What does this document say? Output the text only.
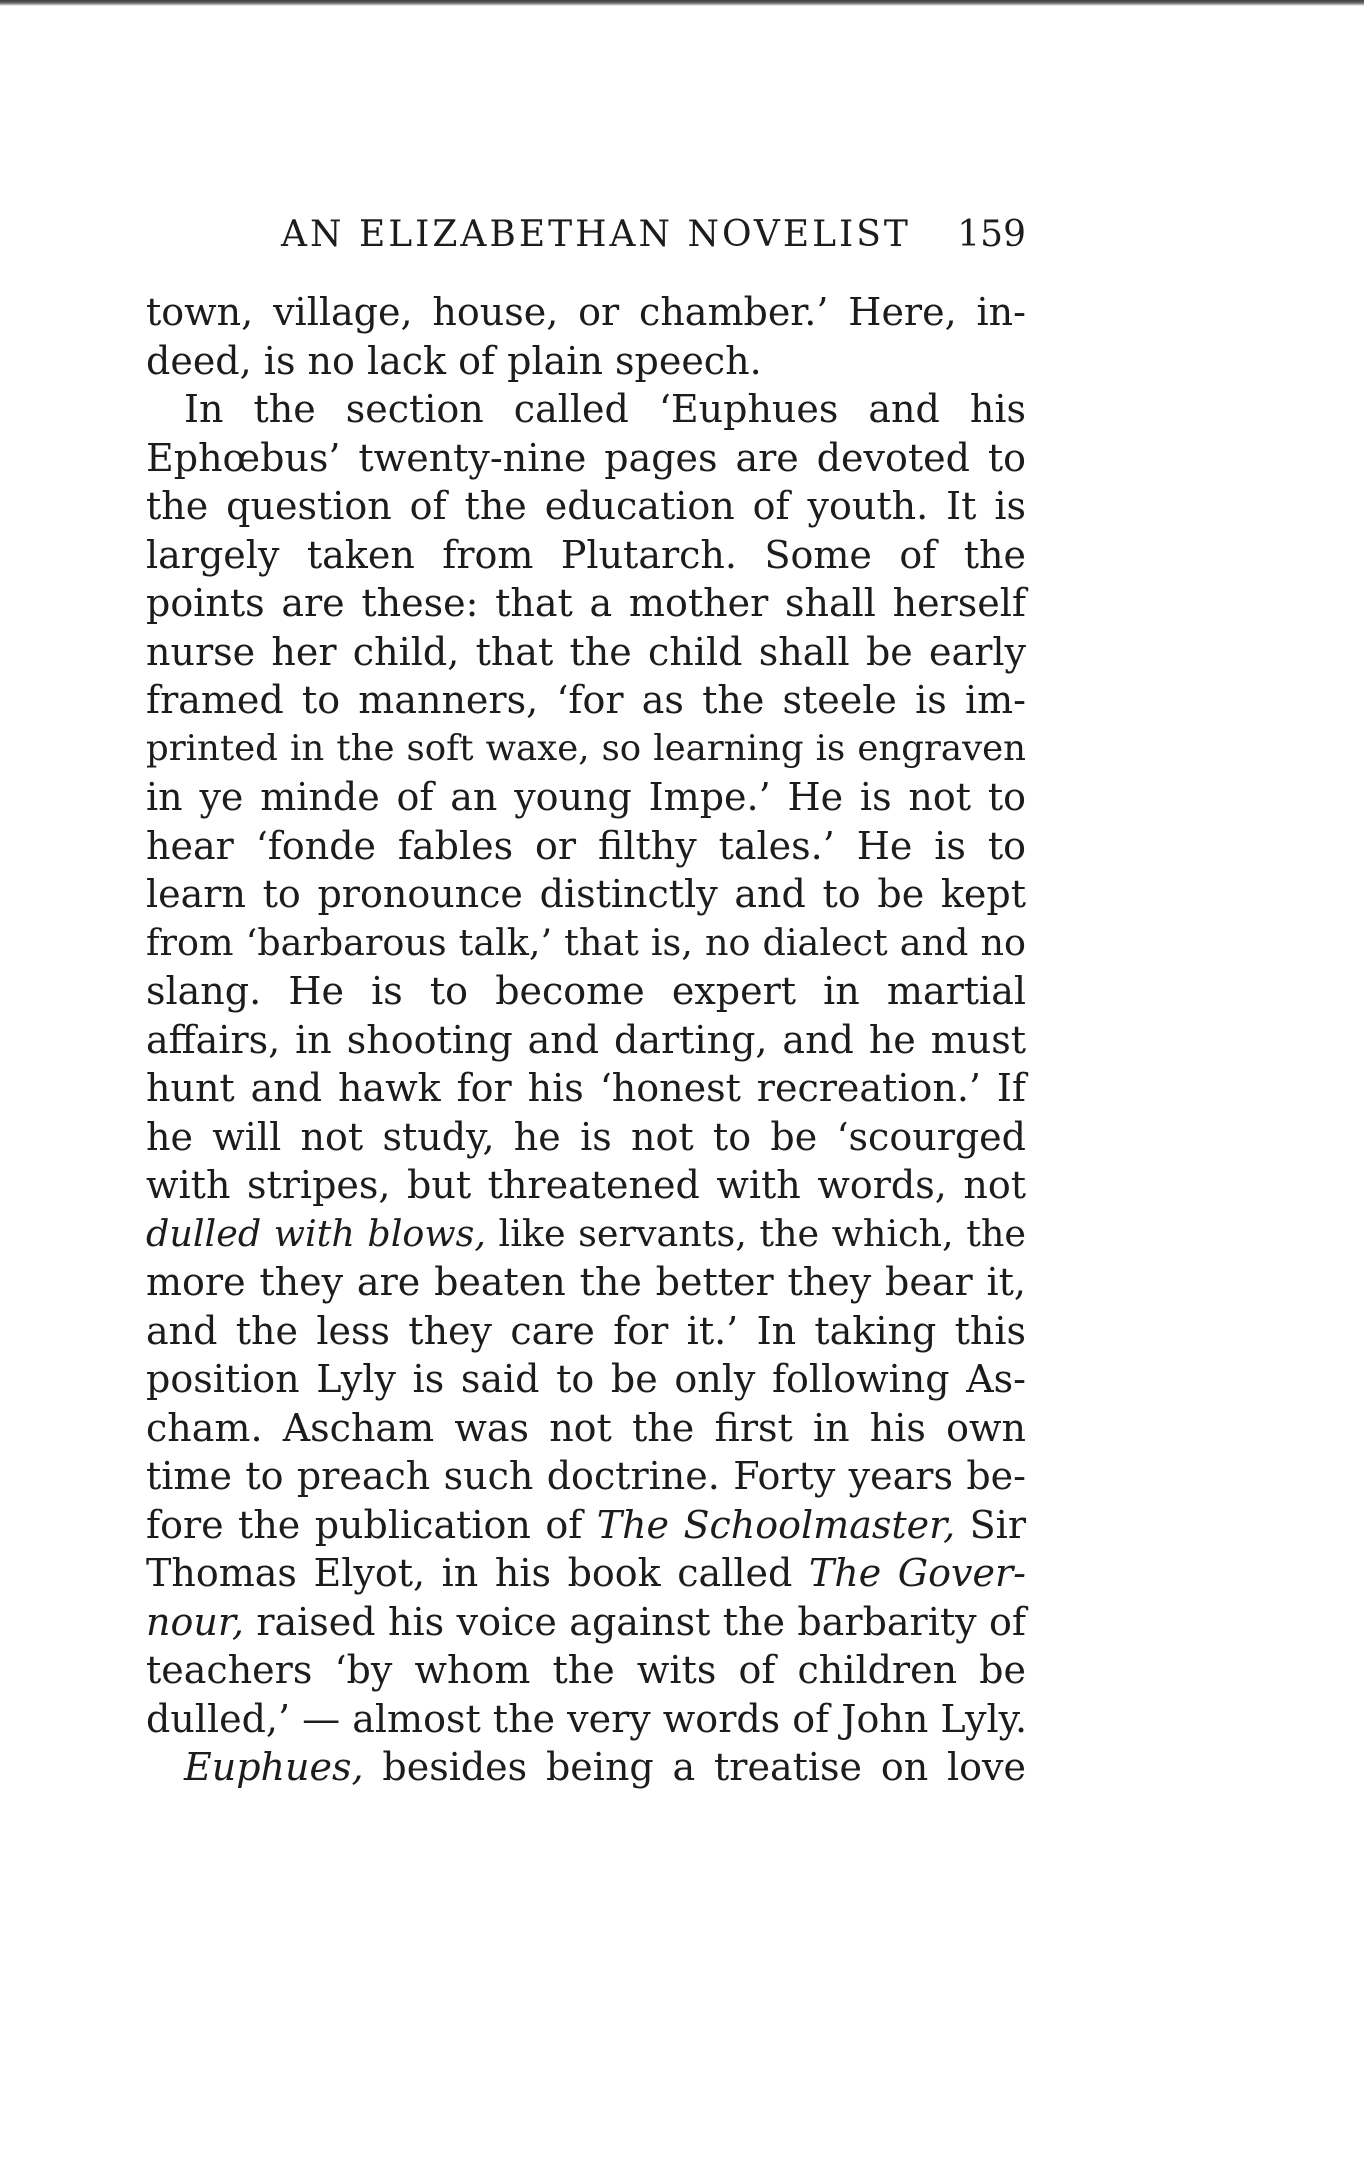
AN ELIZABETHAN NOVELIST 159
town, village, house, or chamber.’ Here, in-
deed, is no lack of plain speech.
In the section called ‘Euphues and his
Ephœbus’ twenty-nine pages are devoted to
the question of the education of youth. It is
largely taken from Plutarch. Some of the
points are these: that a mother shall herself
nurse her child, that the child shall be early
framed to manners, ‘for as the steele is im-
printed in the soft waxe, so learning is engraven
in ye minde of an young Impe.’ He is not to
hear ‘fonde fables or filthy tales.’ He is to
learn to pronounce distinctly and to be kept
from ‘barbarous talk,’ that is, no dialect and no
slang. He is to become expert in martial
affairs, in shooting and darting, and he must
hunt and hawk for his ‘honest recreation.’ If
he will not study, he is not to be ‘scourged
with stripes, but threatened with words, not
dulled with blows, like servants, the which, the
more they are beaten the better they bear it,
and the less they care for it.’ In taking this
position Lyly is said to be only following As-
cham. Ascham was not the first in his own
time to preach such doctrine. Forty years be-
fore the publication of The Schoolmaster, Sir
Thomas Elyot, in his book called The Gover-
nour, raised his voice against the barbarity of
teachers ‘by whom the wits of children be
dulled,’ — almost the very words of John Lyly.
Euphues, besides being a treatise on love
